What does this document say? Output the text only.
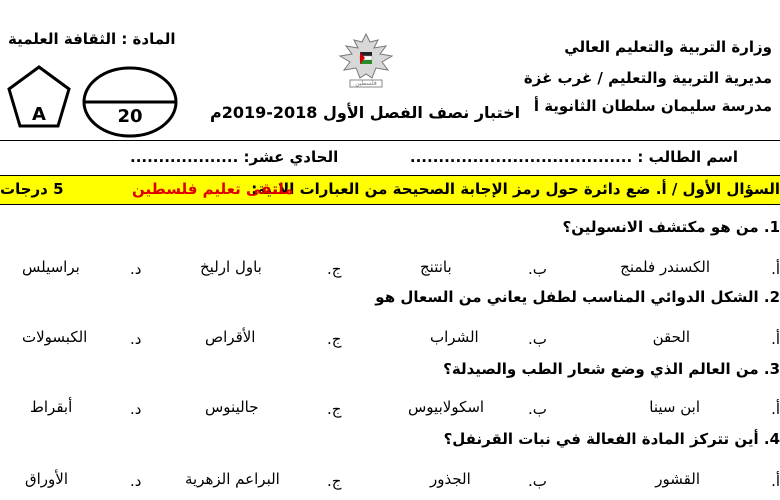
وزارة التربية والتعليم العالي
مديرية التربية والتعليم / غرب غزة
مدرسة سليمان سلطان الثانوية أ
المادة : الثقافة العلمية
A	20
فلسطين
اختبار نصف الفصل الأول 2018-2019م
اسم الطالب : .......................................
الحادي عشر: ...................
السؤال الأول / أ. ضع دائرة حول رمز الإجابة الصحيحة من العبارات الاتية:
ملتقى تعليم فلسطين
5 درجات
1. من هو مكتشف الانسولين؟
أ.
الكسندر فلمنج
ب.
بانتنج
ج.
باول ارليخ
د.
براسيلس
2. الشكل الدوائي المناسب لطفل يعاني من السعال هو
أ.
الحقن
ب.
الشراب
ج.
الأقراص
د.
الكبسولات
3. من العالم الذي وضع شعار الطب والصيدلة؟
أ.
ابن سينا
ب.
اسكولابيوس
ج.
جالينوس
د.
أبقراط
4. أين تتركز المادة الفعالة في نبات القرنفل؟
أ.
القشور
ب.
الجذور
ج.
البراعم الزهرية
د.
الأوراق
